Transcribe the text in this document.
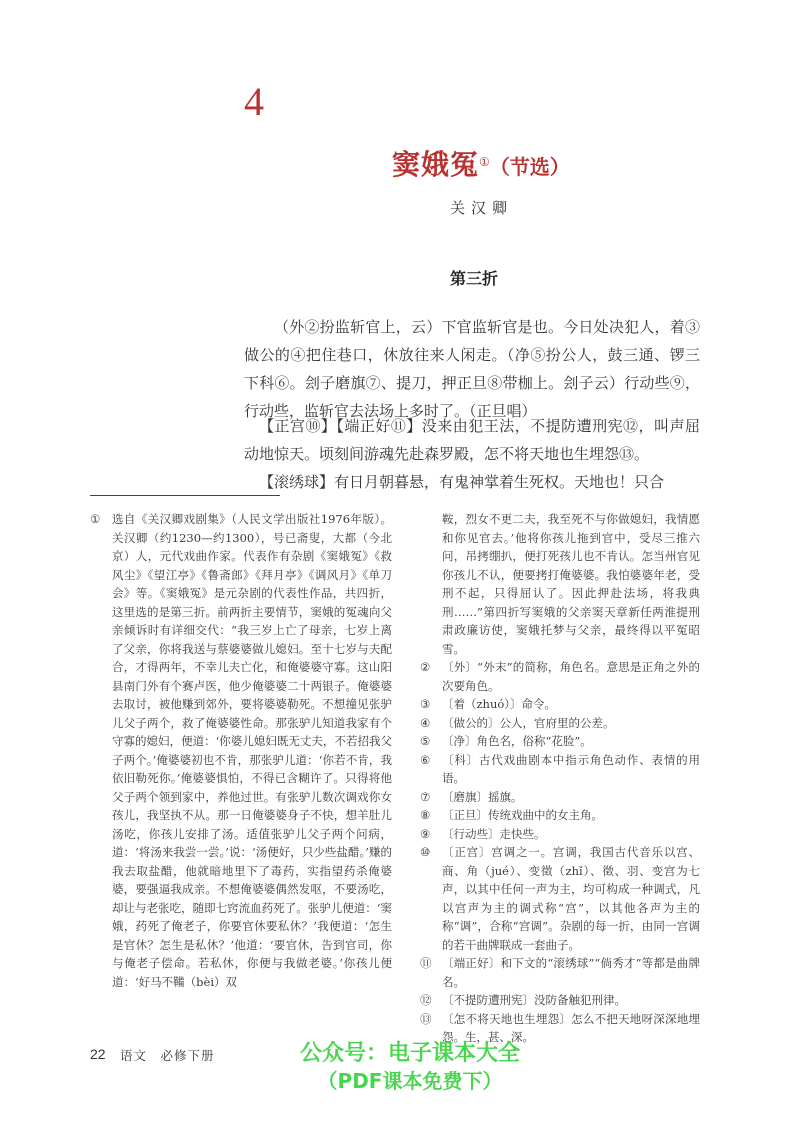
4
窦娥冤①（节选）
关汉卿
第三折

（外②扮监斩官上，云）下官监斩官是也。今日处决犯人，着③做公的④把住巷口，休放往来人闲走。（净⑤扮公人，鼓三通、锣三下科⑥。刽子磨旗⑦、提刀，押正旦⑧带枷上。刽子云）行动些⑨，行动些，监斩官去法场上多时了。（正旦唱）

【正宫⑩】【端正好⑪】没来由犯王法，不提防遭刑宪⑫，叫声屈动地惊天。顷刻间游魂先赴森罗殿，怎不将天地也生埋怨⑬。

【滚绣球】有日月朝暮悬，有鬼神掌着生死权。天地也！只合

①	选自《关汉卿戏剧集》（人民文学出版社1976年版）。关汉卿（约1230—约1300），号已斋叟，大都（今北京）人，元代戏曲作家。代表作有杂剧《窦娥冤》《救风尘》《望江亭》《鲁斋郎》《拜月亭》《调风月》《单刀会》等。《窦娥冤》是元杂剧的代表性作品，共四折，这里选的是第三折。前两折主要情节，窦娥的冤魂向父亲倾诉时有详细交代：“我三岁上亡了母亲，七岁上离了父亲，你将我送与蔡婆婆做儿媳妇。至十七岁与夫配合，才得两年，不幸儿夫亡化，和俺婆婆守寡。这山阳县南门外有个赛卢医，他少俺婆婆二十两银子。俺婆婆去取讨，被他赚到郊外，要将婆婆勒死。不想撞见张驴儿父子两个，救了俺婆婆性命。那张驴儿知道我家有个守寡的媳妇，便道：‘你婆儿媳妇既无丈夫，不若招我父子两个。’俺婆婆初也不肯，那张驴儿道：‘你若不肯，我依旧勒死你。’俺婆婆惧怕，不得已含糊许了。只得将他父子两个领到家中，养他过世。有张驴儿数次调戏你女孩儿，我坚执不从。那一日俺婆婆身子不快，想羊肚儿汤吃，你孩儿安排了汤。适值张驴儿父子两个问病，道：‘将汤来我尝一尝。’说：‘汤便好，只少些盐醋。’赚的我去取盐醋，他就暗地里下了毒药，实指望药杀俺婆婆，要强逼我成亲。不想俺婆婆偶然发呕，不要汤吃，却让与老张吃，随即七窍流血药死了。张驴儿便道：‘窦娥，药死了俺老子，你要官休要私休？’我便道：‘怎生是官休？怎生是私休？’他道：‘要官休，告到官司，你与俺老子偿命。若私休，你便与我做老婆。’你孩儿便道：‘好马不鞴（bèi）双
鞍，烈女不更二夫，我至死不与你做媳妇，我情愿和你见官去。’他将你孩儿拖到官中，受尽三推六问，吊拷绷扒，便打死孩儿也不肯认。怎当州官见你孩儿不认，便要拷打俺婆婆。我怕婆婆年老，受刑不起，只得屈认了。因此押赴法场，将我典刑……”第四折写窦娥的父亲窦天章新任两淮提刑肃政廉访使，窦娥托梦与父亲，最终得以平冤昭雪。
②	〔外〕“外末”的简称，角色名。意思是正角之外的次要角色。
③	〔着（zhuó）〕命令。
④	〔做公的〕公人，官府里的公差。
⑤	〔净〕角色名，俗称“花脸”。
⑥	〔科〕古代戏曲剧本中指示角色动作、表情的用语。
⑦	〔磨旗〕摇旗。
⑧	〔正旦〕传统戏曲中的女主角。
⑨	〔行动些〕走快些。
⑩	〔正宫〕宫调之一。宫调，我国古代音乐以宫、商、角（jué）、变徵（zhǐ）、徵、羽、变宫为七声，以其中任何一声为主，均可构成一种调式，凡以宫声为主的调式称“宫”，以其他各声为主的称“调”，合称“宫调”。杂剧的每一折，由同一宫调的若干曲牌联成一套曲子。
⑪ 〔端正好〕和下文的“滚绣球”“倘秀才”等都是曲牌名。
⑫ 〔不提防遭刑宪〕没防备触犯刑律。
⑬ 〔怎不将天地也生埋怨〕怎么不把天地呀深深地埋怨。生，甚、深。
22 语文　必修下册	公众号：电子课本大全
（PDF课本免费下）
